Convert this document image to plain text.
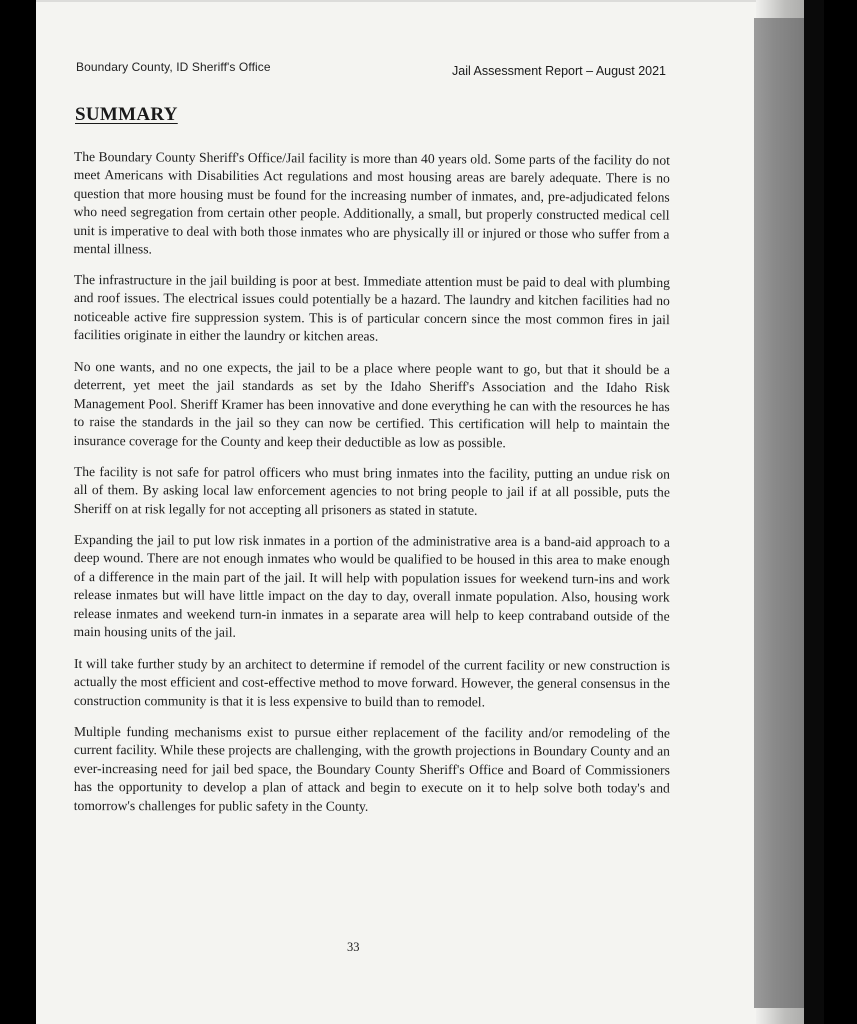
Boundary County, ID Sheriff's Office	Jail Assessment Report – August 2021
SUMMARY

The Boundary County Sheriff's Office/Jail facility is more than 40 years old. Some parts of the facility do not meet Americans with Disabilities Act regulations and most housing areas are barely adequate. There is no question that more housing must be found for the increasing number of inmates, and, pre-adjudicated felons who need segregation from certain other people. Additionally, a small, but properly constructed medical cell unit is imperative to deal with both those inmates who are physically ill or injured or those who suffer from a mental illness.

The infrastructure in the jail building is poor at best. Immediate attention must be paid to deal with plumbing and roof issues. The electrical issues could potentially be a hazard. The laundry and kitchen facilities had no noticeable active fire suppression system. This is of particular concern since the most common fires in jail facilities originate in either the laundry or kitchen areas.

No one wants, and no one expects, the jail to be a place where people want to go, but that it should be a deterrent, yet meet the jail standards as set by the Idaho Sheriff's Association and the Idaho Risk Management Pool. Sheriff Kramer has been innovative and done everything he can with the resources he has to raise the standards in the jail so they can now be certified. This certification will help to maintain the insurance coverage for the County and keep their deductible as low as possible.

The facility is not safe for patrol officers who must bring inmates into the facility, putting an undue risk on all of them. By asking local law enforcement agencies to not bring people to jail if at all possible, puts the Sheriff on at risk legally for not accepting all prisoners as stated in statute.

Expanding the jail to put low risk inmates in a portion of the administrative area is a band-aid approach to a deep wound. There are not enough inmates who would be qualified to be housed in this area to make enough of a difference in the main part of the jail. It will help with population issues for weekend turn-ins and work release inmates but will have little impact on the day to day, overall inmate population. Also, housing work release inmates and weekend turn-in inmates in a separate area will help to keep contraband outside of the main housing units of the jail.

It will take further study by an architect to determine if remodel of the current facility or new construction is actually the most efficient and cost-effective method to move forward. However, the general consensus in the construction community is that it is less expensive to build than to remodel.

Multiple funding mechanisms exist to pursue either replacement of the facility and/or remodeling of the current facility. While these projects are challenging, with the growth projections in Boundary County and an ever-increasing need for jail bed space, the Boundary County Sheriff's Office and Board of Commissioners has the opportunity to develop a plan of attack and begin to execute on it to help solve both today's and tomorrow's challenges for public safety in the County.

33
